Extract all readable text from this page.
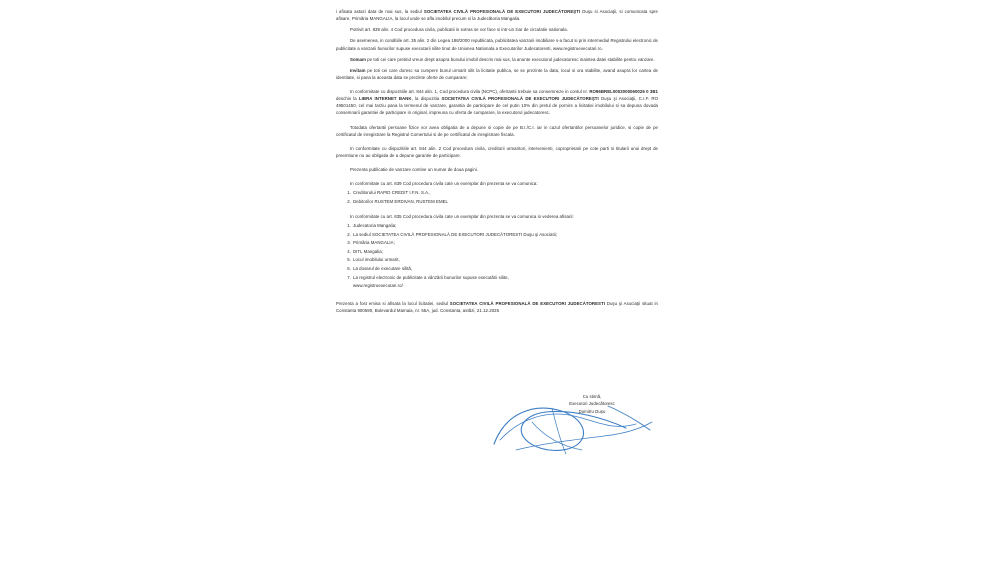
i afisata astazi data de mai sus, la sediul SOCIETATEA CIVILĂ PROFESIONALĂ DE EXECUTORI JUDECĂTOREŞTI Duşu si Asociaţii, si comunicata spre afisare, Primăria MANGALIA, la locul unde se afla imobilul precum si la Judecătoria Mangalia.

Potrivit art. 839 alin. 4 Cod procedura civila, publicatii in extras se vor face si intr-un ziar de circulatie nationala.

De asemenea, in conditiile art. 35 alin. 2 din Legea 188/2000 republicata, publicitatea vanzarii imobiliare s-a facut si prin intermediul Registrului electronic de publicitate a vanzarii bunurilor supuse executarii silite tinut de Uniunea Nationala a Executorilor Judecatoresti, www.registruexecutari.ro.

Somam pe toti cei care pretind vreun drept asupra bunului imobil descris mai sus, la anunte executorul judecatoresc inaintea datei stabilite pentru vanzare.

Invitam pe toti cei care doresc sa cumpere bunul urmarit silit la licitatie publica, se se prezinte la data, locul si ora stabilite, avand asupra lor cartea de identitate, si pana la aceasta data se prezinte oferte de cumparare;

In conformitate cu dispozitiile art. 844 alin. 1, Cod procedura civila (NCPC), ofertantii trebuie sa consemneze in contul nr. RO96BREL0002000060026 0 3B1 deschis la LIBRA INTERNET BANK, la dispozitia SOCIETATEA CIVILĂ PROFESIONALĂ DE EXECUTORI JUDECĂTOREŞTI Duşu şi Asociaţii, C.I.F. RO 49501450, cel mai tarziu pana la termenul de vanzare, garantia de participare de cel putin 10% din pretul de pornire a licitatiei imobilului si sa depuna dovada consemnarii garantiei de participare in original, impreuna cu oferta de cumparare, la executorul judecatoresc.

Totodata ofertantii persoane fizice vor avea obligatia de a depune si copie de pe B.I./C.I. iar in cazul ofertantilor persoanelor juridice, si copie de pe certificatul de inregistrare la Registrul Comertului si de pe certificatul de inregistrare fiscala.

In conformitate cu dispozitiile art. 844 alin. 2 Cod procedura civila, creditorii urmaritori, intervenienti, coproprietarii pe cote parti si titularii unui drept de preemtiune nu au obligatia de a depune garantie de participare.

Prezenta publicatie de vanzare contine un numar de doua pagini.

In conformitate cu art. 839 Cod procedura civila cate un exemplar din prezenta se va comunica:

1. Creditorului RAPID CREDIT I.F.N. S.A.,
2. Debitorilor RUSTEM ERDIVAN, RUSTEM EMEL

In conformitate cu art. 835 Cod procedura civila cate un exemplar din prezenta se va comunica in vederea afisarii:

1. Judecatoria Mangalia;
2. La sediul SOCIETATEA CIVILĂ PROFESIONALĂ DE EXECUTORI JUDECĂTORESTI Duşu şi Asociatii;
3. Primăria MANGALIA;
4. DITL Mangalia;
5. Locul imobilului urmarit,
6. La dosarul de executare silită,
7. La registrul electronic de publicitate a vânzării bunurilor supuse executării silite,
www.registruexecutari.ro/

Prezenta a fost emisa si afisata la locul licitatiei, sediul SOCIETATEA CIVILĂ PROFESIONALĂ DE EXECUTORI JUDECĂTORESTI Duşu şi Asociaţii situat in Constanta 900590, Bulevardul Mamaia, nr. 55A, jud. Constanta, astăzi, 21.12.2025

Cu stimă,
Executori Judecătoresc
Dumitru Duşu
